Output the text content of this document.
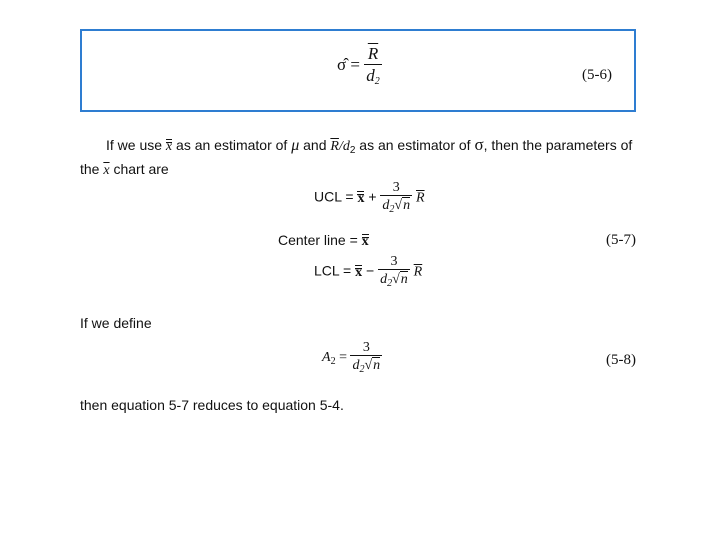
σ̂ = $\frac{\overline{R}}{d_2}$	(5-6)
If we use x as an estimator of μ and $\overline{R}/d_2$ as an estimator of σ, then the parameters of
the $\overline{x}$ chart are
UCL = $x + \frac{3}{d_2√n} \overline{R}$
Center line = x	(5-7)
LCL = $x - \frac{3}{d_2√n} \overline{R}$
If we define
$A_2 = \frac{3}{d_2√n}$	(5-8)
then equation 5-7 reduces to equation 5-4.
